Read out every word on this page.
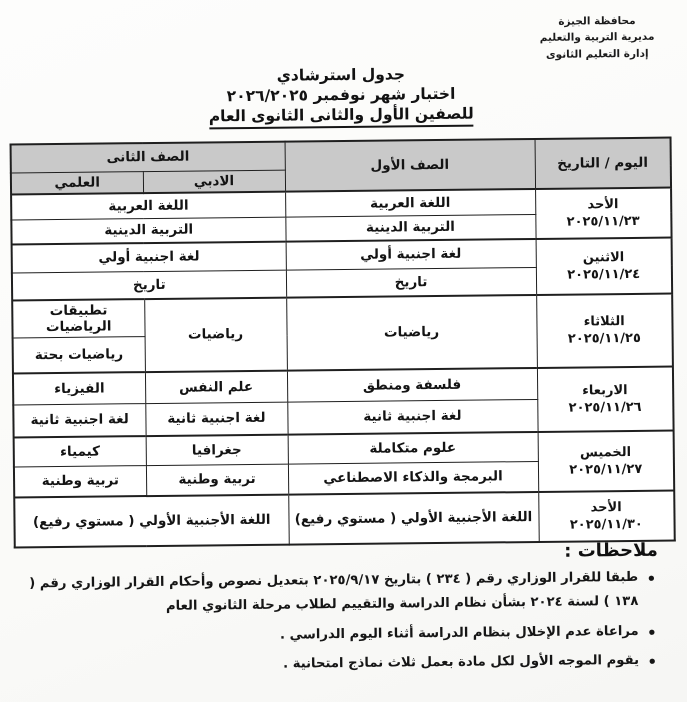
محافظة الجيزة
مديرية التربية والتعليم
إدارة التعليم الثانوى
جدول استرشادي
اختبار شهر نوفمبر ٢٠٢٦/٢٠٢٥
للصفين الأول والثانى الثانوى العام
اليوم / التاريخ	الصف الأول	الصف الثانى	
		الادبي	العلمي

الأحد
٢٠٢٥/١١/٢٣	اللغة العربية	اللغة العربية	
	التربية الدينية	التربية الدينية	

الاثنين
٢٠٢٥/١١/٢٤	لغة اجنبية أولي	لغة اجنبية أولي	
	تاريخ	تاريخ	

الثلاثاء
٢٠٢٥/١١/٢٥	رياضيات	رياضيات	تطبيقات الرياضيات
			رياضيات بحتة

الاربعاء
٢٠٢٥/١١/٢٦	فلسفة ومنطق	علم النفس	الفيزياء
	لغة اجنبية ثانية	لغة اجنبية ثانية	لغة اجنبية ثانية

الخميس
٢٠٢٥/١١/٢٧	علوم متكاملة	جغرافيا	كيمياء
	البرمجة والذكاء الاصطناعي	تربية وطنية	تربية وطنية

الأحد
٢٠٢٥/١١/٣٠	اللغة الأجنبية الأولي ( مستوي رفيع)	اللغة الأجنبية الأولي ( مستوي رفيع)	
ملاحظات :
• طبقا للقرار الوزاري رقم ( ٢٣٤ ) بتاريخ ٢٠٢٥/٩/١٧ بتعديل نصوص وأحكام القرار الوزاري رقم ( ١٣٨ ) لسنة ٢٠٢٤ بشأن نظام الدراسة والتقييم لطلاب مرحلة الثانوي العام
• مراعاة عدم الإخلال بنظام الدراسة أثناء اليوم الدراسي .
• يقوم الموجه الأول لكل مادة بعمل ثلاث نماذج امتحانية .
